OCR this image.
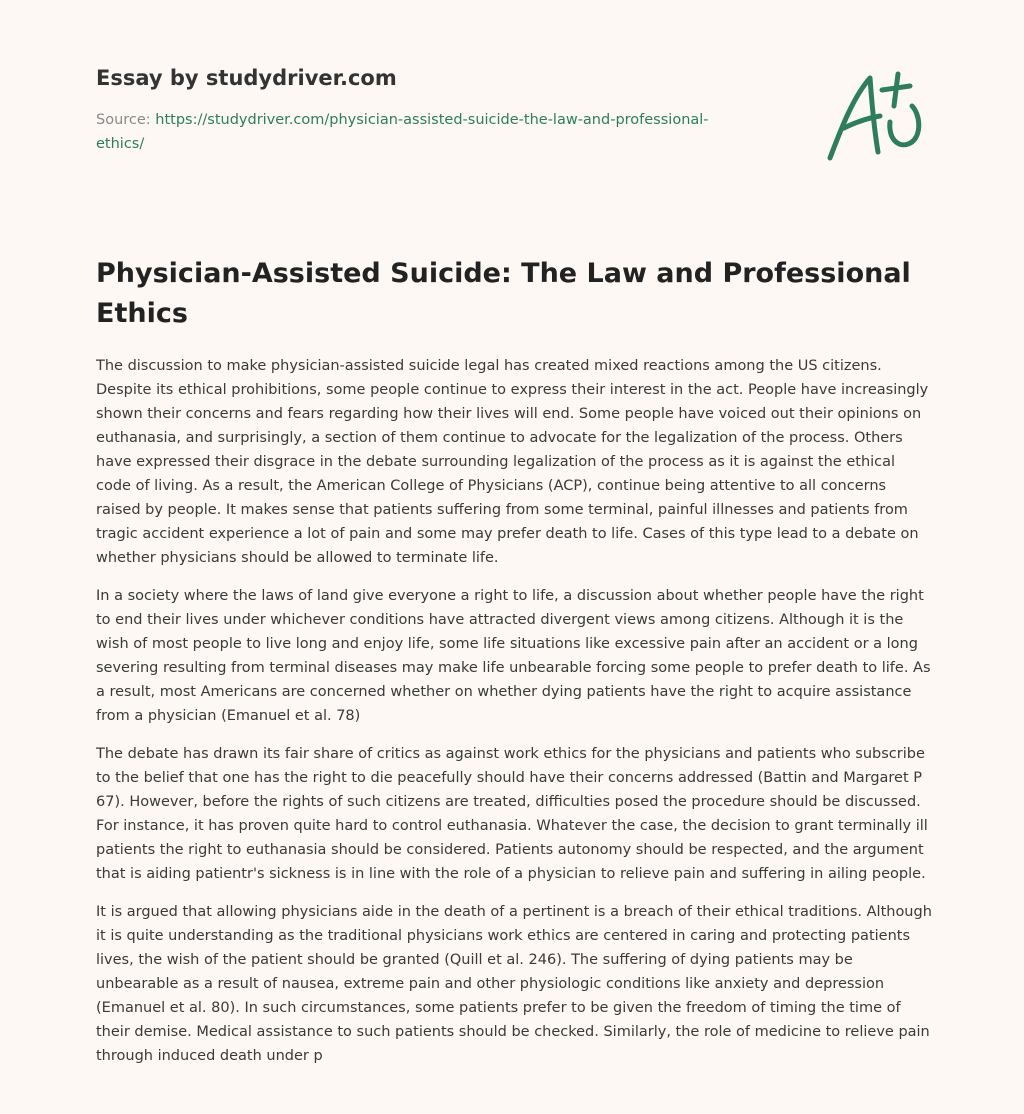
Essay by studydriver.com
Source: https://studydriver.com/physician-assisted-suicide-the-law-and-professional-ethics/
Physician-Assisted Suicide: The Law and Professional Ethics

The discussion to make physician-assisted suicide legal has created mixed reactions among the US citizens. Despite its ethical prohibitions, some people continue to express their interest in the act. People have increasingly shown their concerns and fears regarding how their lives will end. Some people have voiced out their opinions on euthanasia, and surprisingly, a section of them continue to advocate for the legalization of the process. Others have expressed their disgrace in the debate surrounding legalization of the process as it is against the ethical code of living. As a result, the American College of Physicians (ACP), continue being attentive to all concerns raised by people. It makes sense that patients suffering from some terminal, painful illnesses and patients from tragic accident experience a lot of pain and some may prefer death to life. Cases of this type lead to a debate on whether physicians should be allowed to terminate life.

In a society where the laws of land give everyone a right to life, a discussion about whether people have the right to end their lives under whichever conditions have attracted divergent views among citizens. Although it is the wish of most people to live long and enjoy life, some life situations like excessive pain after an accident or a long severing resulting from terminal diseases may make life unbearable forcing some people to prefer death to life. As a result, most Americans are concerned whether on whether dying patients have the right to acquire assistance from a physician (Emanuel et al. 78)

The debate has drawn its fair share of critics as against work ethics for the physicians and patients who subscribe to the belief that one has the right to die peacefully should have their concerns addressed (Battin and Margaret P 67). However, before the rights of such citizens are treated, difficulties posed the procedure should be discussed. For instance, it has proven quite hard to control euthanasia. Whatever the case, the decision to grant terminally ill patients the right to euthanasia should be considered. Patients autonomy should be respected, and the argument that is aiding patientr's sickness is in line with the role of a physician to relieve pain and suffering in ailing people.

It is argued that allowing physicians aide in the death of a pertinent is a breach of their ethical traditions. Although it is quite understanding as the traditional physicians work ethics are centered in caring and protecting patients lives, the wish of the patient should be granted (Quill et al. 246). The suffering of dying patients may be unbearable as a result of nausea, extreme pain and other physiologic conditions like anxiety and depression (Emanuel et al. 80). In such circumstances, some patients prefer to be given the freedom of timing the time of their demise. Medical assistance to such patients should be checked. Similarly, the role of medicine to relieve pain through induced death under p
